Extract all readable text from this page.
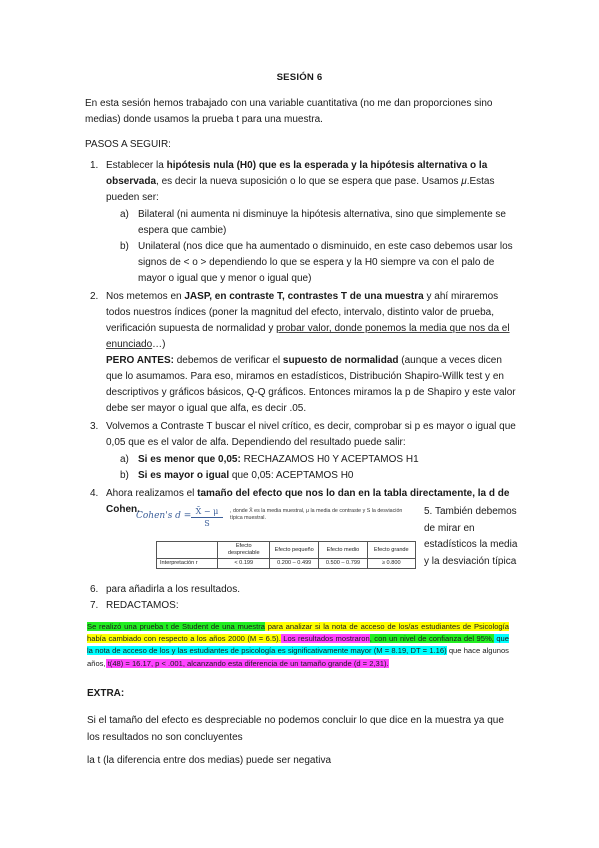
SESIÓN 6
En esta sesión hemos trabajado con una variable cuantitativa (no me dan proporciones sino medias) donde usamos la prueba t para una muestra.
PASOS A SEGUIR:
1. Establecer la hipótesis nula (H0) que es la esperada y la hipótesis alternativa o la observada, es decir la nueva suposición o lo que se espera que pase. Usamos μ.Estas pueden ser:
a) Bilateral (ni aumenta ni disminuye la hipótesis alternativa, sino que simplemente se espera que cambie)
b) Unilateral (nos dice que ha aumentado o disminuido, en este caso debemos usar los signos de < o > dependiendo lo que se espera y la H0 siempre va con el palo de mayor o igual que y menor o igual que)
2. Nos metemos en JASP, en contraste T, contrastes T de una muestra y ahí miraremos todos nuestros índices (poner la magnitud del efecto, intervalo, distinto valor de prueba, verificación supuesta de normalidad y probar valor, donde ponemos la media que nos da el enunciado…)
PERO ANTES: debemos de verificar el supuesto de normalidad (aunque a veces dicen que lo asumamos. Para eso, miramos en estadísticos, Distribución Shapiro-Willk test y en descriptivos y gráficos básicos, Q-Q gráficos. Entonces miramos la p de Shapiro y este valor debe ser mayor o igual que alfa, es decir .05.
3. Volvemos a Contraste T buscar el nivel crítico, es decir, comprobar si p es mayor o igual que 0,05 que es el valor de alfa. Dependiendo del resultado puede salir:
a) Si es menor que 0,05: RECHAZAMOS H0 Y ACEPTAMOS H1
b) Si es mayor o igual que 0,05: ACEPTAMOS H0
4. Ahora realizamos el tamaño del efecto que nos lo dan en la tabla directamente, la d de Cohen.
Cohen's d = X̄ − μ
S
, donde X̄ es la media muestral, μ la media de contraste y S la desviación típica muestral.
	Efecto despreciable	Efecto pequeño	Efecto medio	Efecto grande
Interpretación r	< 0.199	0.200 – 0.499	0.500 – 0.799	≥ 0.800
5. También debemos de mirar en estadísticos la media y la desviación típica
6. para añadirla a los resultados.
7. REDACTAMOS:
Se realizó una prueba t de Student de una muestra para analizar si la nota de acceso de los/as estudiantes de Psicología había cambiado con respecto a los años 2000 (M = 6.5). Los resultados mostraron, con un nivel de confianza del 95%, que la nota de acceso de los y las estudiantes de psicología es significativamente mayor (M = 8.19, DT = 1.16) que hace algunos años, t(48) = 16.17, p < .001, alcanzando esta diferencia de un tamaño grande (d = 2,31).
EXTRA:
Si el tamaño del efecto es despreciable no podemos concluir lo que dice en la muestra ya que los resultados no son concluyentes
la t (la diferencia entre dos medias) puede ser negativa
